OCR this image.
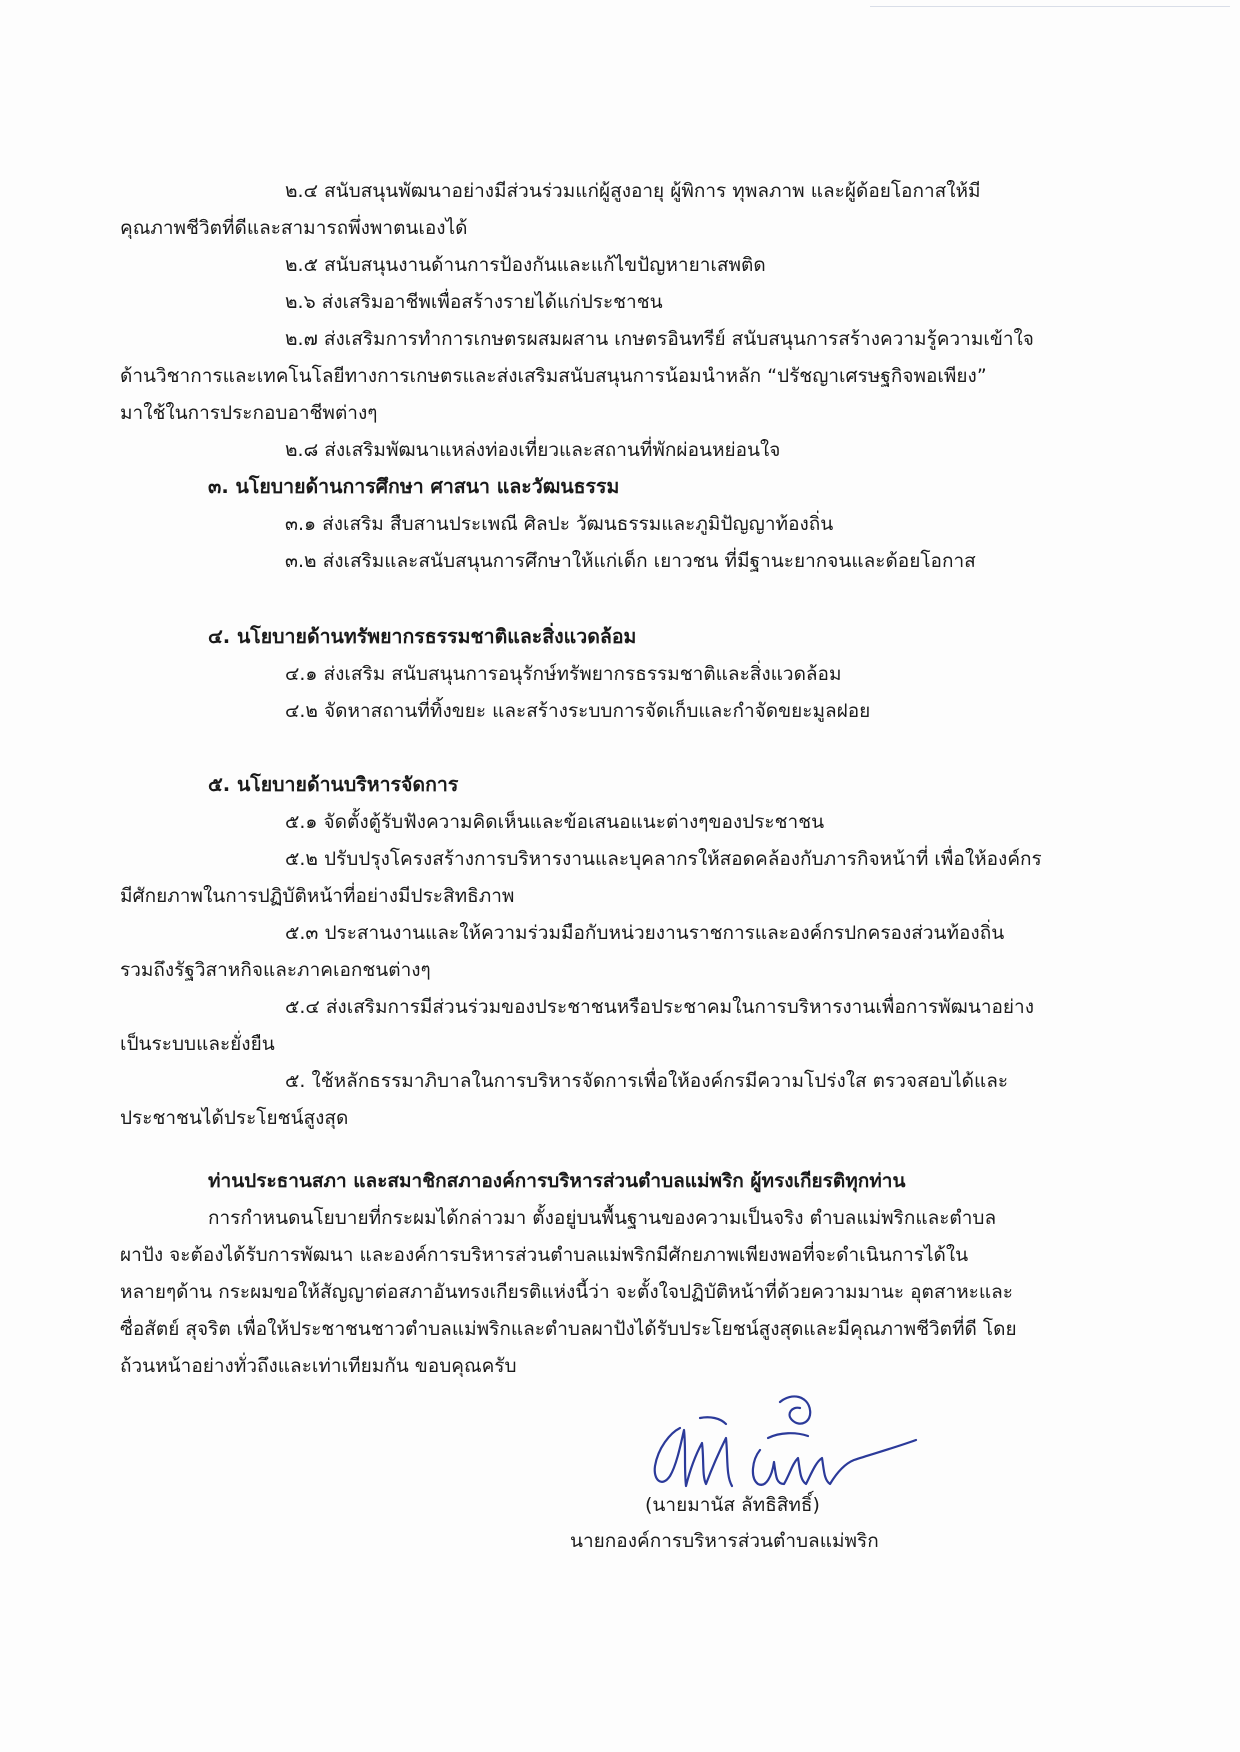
๒.๔ สนับสนุนพัฒนาอย่างมีส่วนร่วมแก่ผู้สูงอายุ ผู้พิการ ทุพลภาพ และผู้ด้อยโอกาสให้มี
คุณภาพชีวิตที่ดีและสามารถพึ่งพาตนเองได้
๒.๕ สนับสนุนงานด้านการป้องกันและแก้ไขปัญหายาเสพติด
๒.๖ ส่งเสริมอาชีพเพื่อสร้างรายได้แก่ประชาชน
๒.๗ ส่งเสริมการทำการเกษตรผสมผสาน เกษตรอินทรีย์ สนับสนุนการสร้างความรู้ความเข้าใจ
ด้านวิชาการและเทคโนโลยีทางการเกษตรและส่งเสริมสนับสนุนการน้อมนำหลัก “ปรัชญาเศรษฐกิจพอเพียง”
มาใช้ในการประกอบอาชีพต่างๆ
๒.๘ ส่งเสริมพัฒนาแหล่งท่องเที่ยวและสถานที่พักผ่อนหย่อนใจ
๓. นโยบายด้านการศึกษา ศาสนา และวัฒนธรรม
๓.๑ ส่งเสริม สืบสานประเพณี ศิลปะ วัฒนธรรมและภูมิปัญญาท้องถิ่น
๓.๒ ส่งเสริมและสนับสนุนการศึกษาให้แก่เด็ก เยาวชน ที่มีฐานะยากจนและด้อยโอกาส
๔. นโยบายด้านทรัพยากรธรรมชาติและสิ่งแวดล้อม
๔.๑ ส่งเสริม สนับสนุนการอนุรักษ์ทรัพยากรธรรมชาติและสิ่งแวดล้อม
๔.๒ จัดหาสถานที่ทิ้งขยะ และสร้างระบบการจัดเก็บและกำจัดขยะมูลฝอย
๕. นโยบายด้านบริหารจัดการ
๕.๑ จัดตั้งตู้รับฟังความคิดเห็นและข้อเสนอแนะต่างๆของประชาชน
๕.๒ ปรับปรุงโครงสร้างการบริหารงานและบุคลากรให้สอดคล้องกับภารกิจหน้าที่ เพื่อให้องค์กร
มีศักยภาพในการปฏิบัติหน้าที่อย่างมีประสิทธิภาพ
๕.๓ ประสานงานและให้ความร่วมมือกับหน่วยงานราชการและองค์กรปกครองส่วนท้องถิ่น
รวมถึงรัฐวิสาหกิจและภาคเอกชนต่างๆ
๕.๔ ส่งเสริมการมีส่วนร่วมของประชาชนหรือประชาคมในการบริหารงานเพื่อการพัฒนาอย่าง
เป็นระบบและยั่งยืน
๕. ใช้หลักธรรมาภิบาลในการบริหารจัดการเพื่อให้องค์กรมีความโปร่งใส ตรวจสอบได้และ
ประชาชนได้ประโยชน์สูงสุด
ท่านประธานสภา และสมาชิกสภาองค์การบริหารส่วนตำบลแม่พริก ผู้ทรงเกียรติทุกท่าน
การกำหนดนโยบายที่กระผมได้กล่าวมา ตั้งอยู่บนพื้นฐานของความเป็นจริง ตำบลแม่พริกและตำบล
ผาปัง จะต้องได้รับการพัฒนา และองค์การบริหารส่วนตำบลแม่พริกมีศักยภาพเพียงพอที่จะดำเนินการได้ใน
หลายๆด้าน กระผมขอให้สัญญาต่อสภาอันทรงเกียรติแห่งนี้ว่า จะตั้งใจปฏิบัติหน้าที่ด้วยความมานะ อุตสาหะและ
ซื่อสัตย์ สุจริต เพื่อให้ประชาชนชาวตำบลแม่พริกและตำบลผาปังได้รับประโยชน์สูงสุดและมีคุณภาพชีวิตที่ดี โดย
ถ้วนหน้าอย่างทั่วถึงและเท่าเทียมกัน ขอบคุณครับ
(นายมานัส ลัทธิสิทธิ์)
นายกองค์การบริหารส่วนตำบลแม่พริก
